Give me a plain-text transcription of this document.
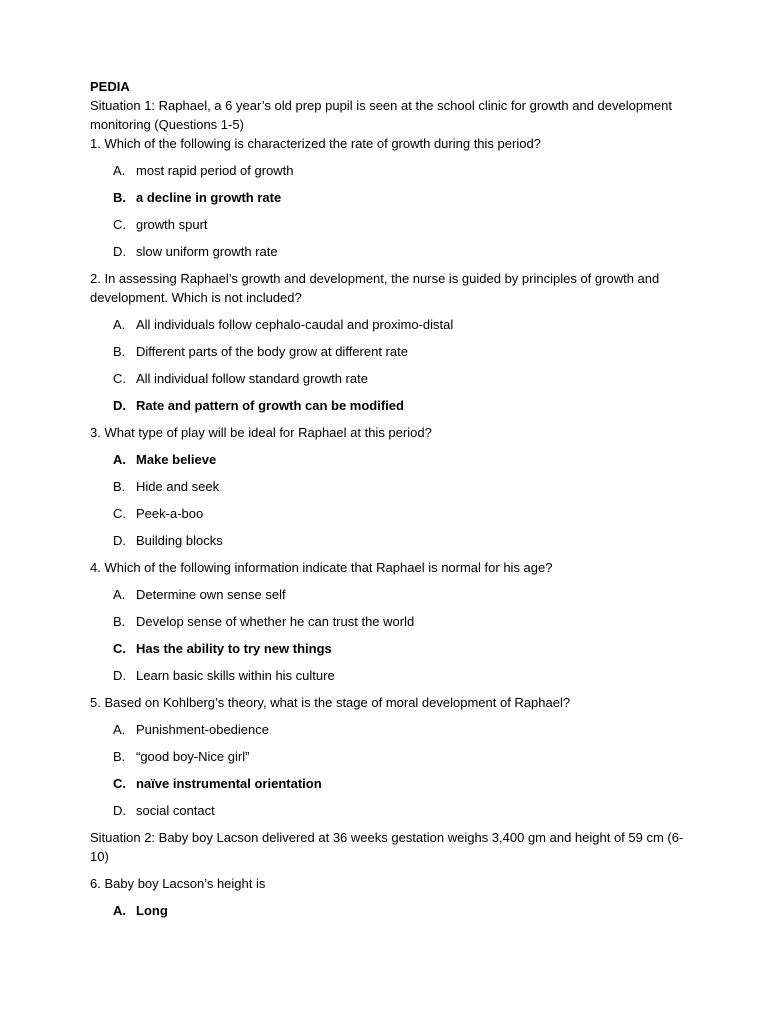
PEDIA

Situation 1: Raphael, a 6 year’s old prep pupil is seen at the school clinic for growth and development monitoring (Questions 1-5)

1. Which of the following is characterized the rate of growth during this period?

A. most rapid period of growth
B. a decline in growth rate
C. growth spurt
D. slow uniform growth rate

2. In assessing Raphael’s growth and development, the nurse is guided by principles of growth and development. Which is not included?

A. All individuals follow cephalo-caudal and proximo-distal
B. Different parts of the body grow at different rate
C. All individual follow standard growth rate
D. Rate and pattern of growth can be modified

3. What type of play will be ideal for Raphael at this period?

A. Make believe
B. Hide and seek
C. Peek-a-boo
D. Building blocks

4. Which of the following information indicate that Raphael is normal for his age?

A. Determine own sense self
B. Develop sense of whether he can trust the world
C. Has the ability to try new things
D. Learn basic skills within his culture

5. Based on Kohlberg’s theory, what is the stage of moral development of Raphael?

A. Punishment-obedience
B. “good boy-Nice girl”
C. naïve instrumental orientation
D. social contact

Situation 2: Baby boy Lacson delivered at 36 weeks gestation weighs 3,400 gm and height of 59 cm (6-10)

6. Baby boy Lacson’s height is

A. Long
